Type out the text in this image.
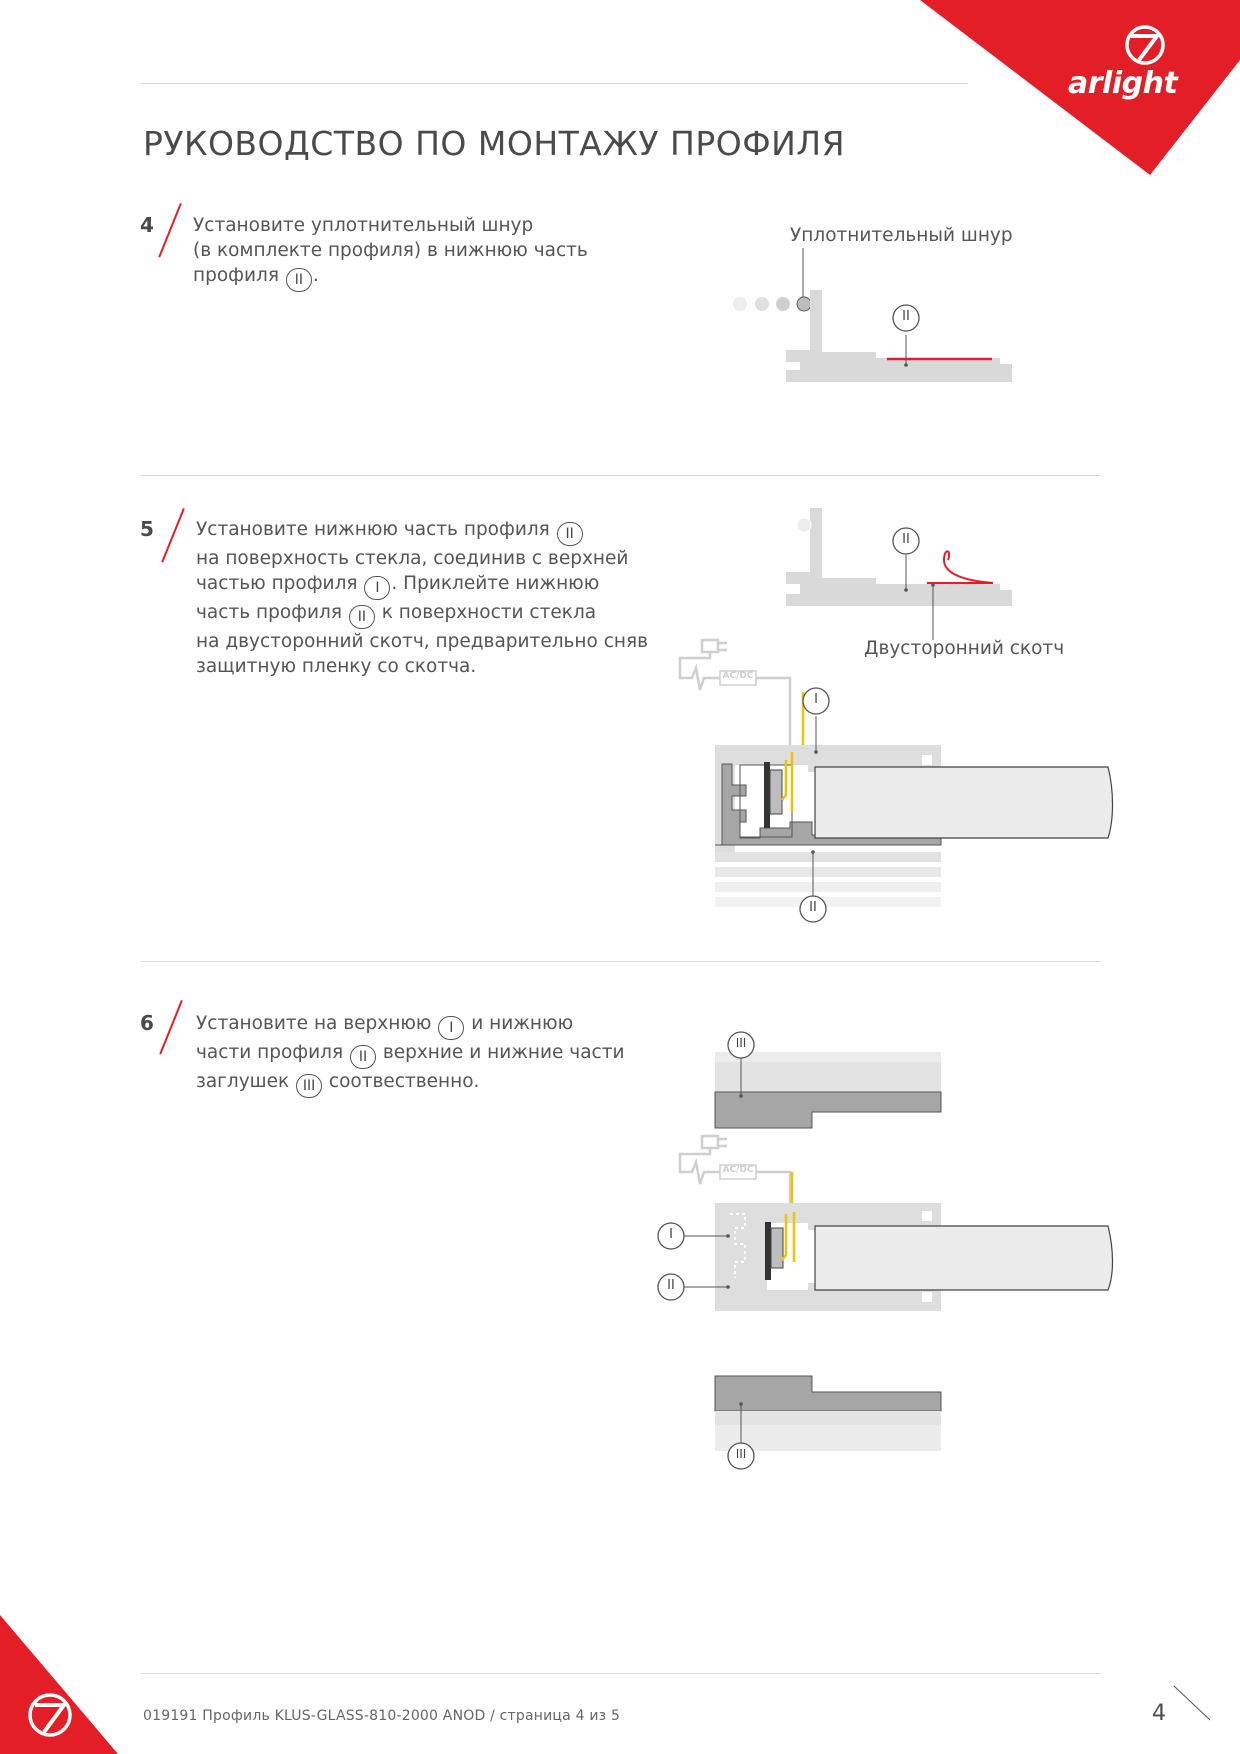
arlight
РУКОВОДСТВО ПО МОНТАЖУ ПРОФИЛЯ
4 Установите уплотнительный шнур
(в комплекте профиля) в нижнюю часть
профиля II .
5 Установите нижнюю часть профиля II
на поверхность стекла, соединив с верхней
частью профиля I . Приклейте нижнюю
часть профиля II к поверхности стекла
на двусторонний скотч, предварительно сняв
защитную пленку со скотча.
6 Установите на верхнюю I и нижнюю
части профиля II верхние и нижние части
заглушек III соотвественно.
Уплотнительный шнур
II
Двусторонний скотч
II
AC/DC
I
II
III
AC/DC
I
II
III
019191 Профиль KLUS-GLASS-810-2000 ANOD / страница 4 из 5	4
